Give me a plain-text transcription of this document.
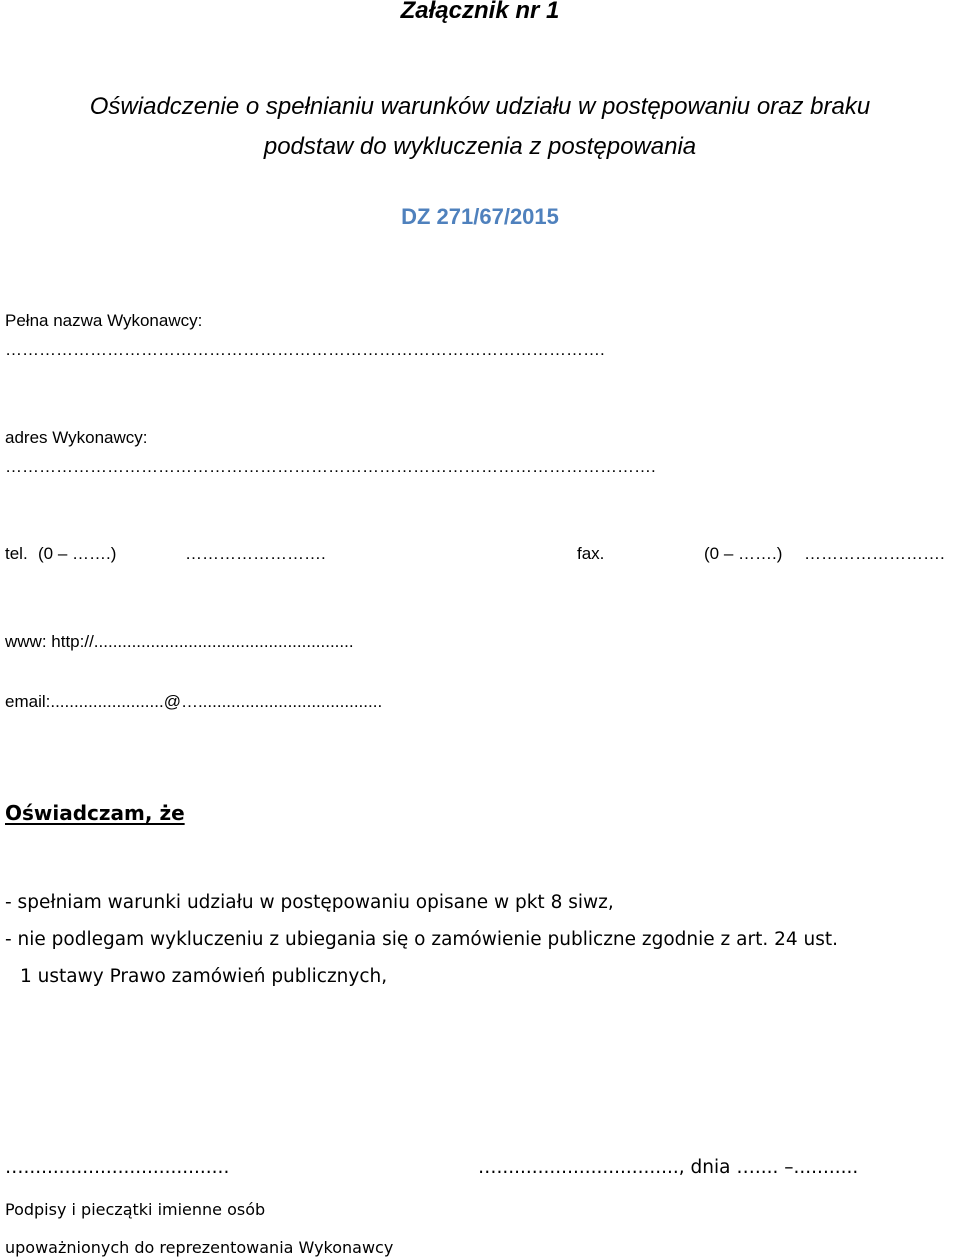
Załącznik nr 1

Oświadczenie o spełnianiu warunków udziału w postępowaniu oraz braku

podstaw do wykluczenia z postępowania

DZ 271/67/2015

Pełna nazwa Wykonawcy:

…………………………………………………………………………………………….

adres Wykonawcy:

…………………………………………………………………………………………………….

tel. (0 – …….)	…………………….	fax.	(0 – …….) …………………….

www: http://.......................................................

email:........................@….......................................

Oświadczam, że

- spełniam warunki udziału w postępowaniu opisane w pkt 8 siwz,

- nie podlegam wykluczeniu z ubiegania się o zamówienie publiczne zgodnie z art. 24 ust.

1 ustawy Prawo zamówień publicznych,

…...................................	…..............................., dnia ….... –...........

Podpisy i pieczątki imienne osób

upoważnionych do reprezentowania Wykonawcy
